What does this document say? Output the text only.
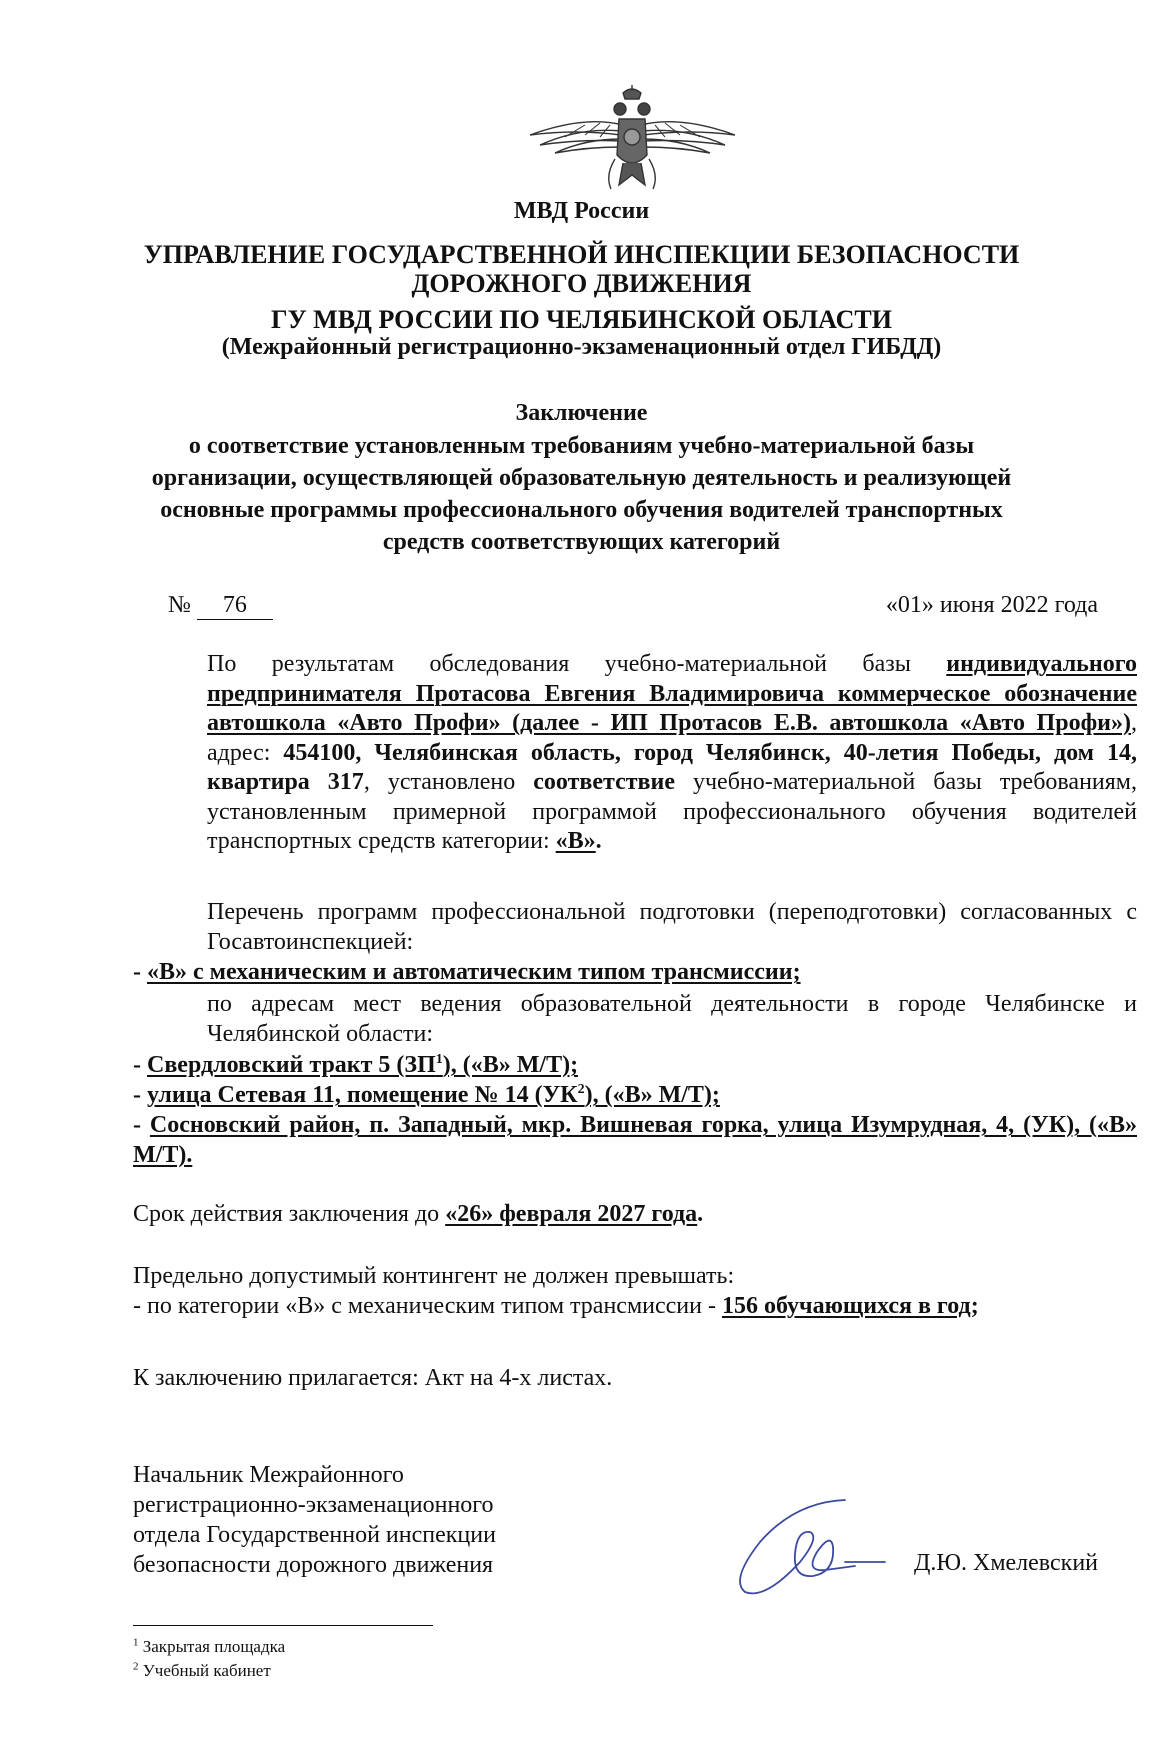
МВД России
УПРАВЛЕНИЕ ГОСУДАРСТВЕННОЙ ИНСПЕКЦИИ БЕЗОПАСНОСТИ
ДОРОЖНОГО ДВИЖЕНИЯ
ГУ МВД РОССИИ ПО ЧЕЛЯБИНСКОЙ ОБЛАСТИ
(Межрайонный регистрационно-экзаменационный отдел ГИБДД)
Заключение
о соответствие установленным требованиям учебно-материальной базы
организации, осуществляющей образовательную деятельность и реализующей
основные программы профессионального обучения водителей транспортных
средств соответствующих категорий
№ 76	«01» июня 2022 года
По результатам обследования учебно-материальной базы индивидуального предпринимателя Протасова Евгения Владимировича коммерческое обозначение автошкола «Авто Профи» (далее - ИП Протасов Е.В. автошкола «Авто Профи»), адрес: 454100, Челябинская область, город Челябинск, 40-летия Победы, дом 14, квартира 317, установлено соответствие учебно-материальной базы требованиям, установленным примерной программой профессионального обучения водителей транспортных средств категории: «В».
Перечень программ профессиональной подготовки (переподготовки) согласованных с Госавтоинспекцией:
- «В» с механическим и автоматическим типом трансмиссии;
по адресам мест ведения образовательной деятельности в городе Челябинске и Челябинской области:
- Свердловский тракт 5 $(ЗП^1)$, («В» М/Т);
- улица Сетевая 11, помещение № 14 $(УК^2)$, («В» М/Т);
- Сосновский район, п. Западный, мкр. Вишневая горка, улица Изумрудная, 4, (УК), («В» М/Т).
Срок действия заключения до «26» февраля 2027 года.
Предельно допустимый контингент не должен превышать:
- по категории «В» с механическим типом трансмиссии - 156 обучающихся в год;
К заключению прилагается: Акт на 4-х листах.
Начальник Межрайонного
регистрационно-экзаменационного
отдела Государственной инспекции
безопасности дорожного движения	Д.Ю. Хмелевский
$^1$ Закрытая площадка
$^2$ Учебный кабинет
